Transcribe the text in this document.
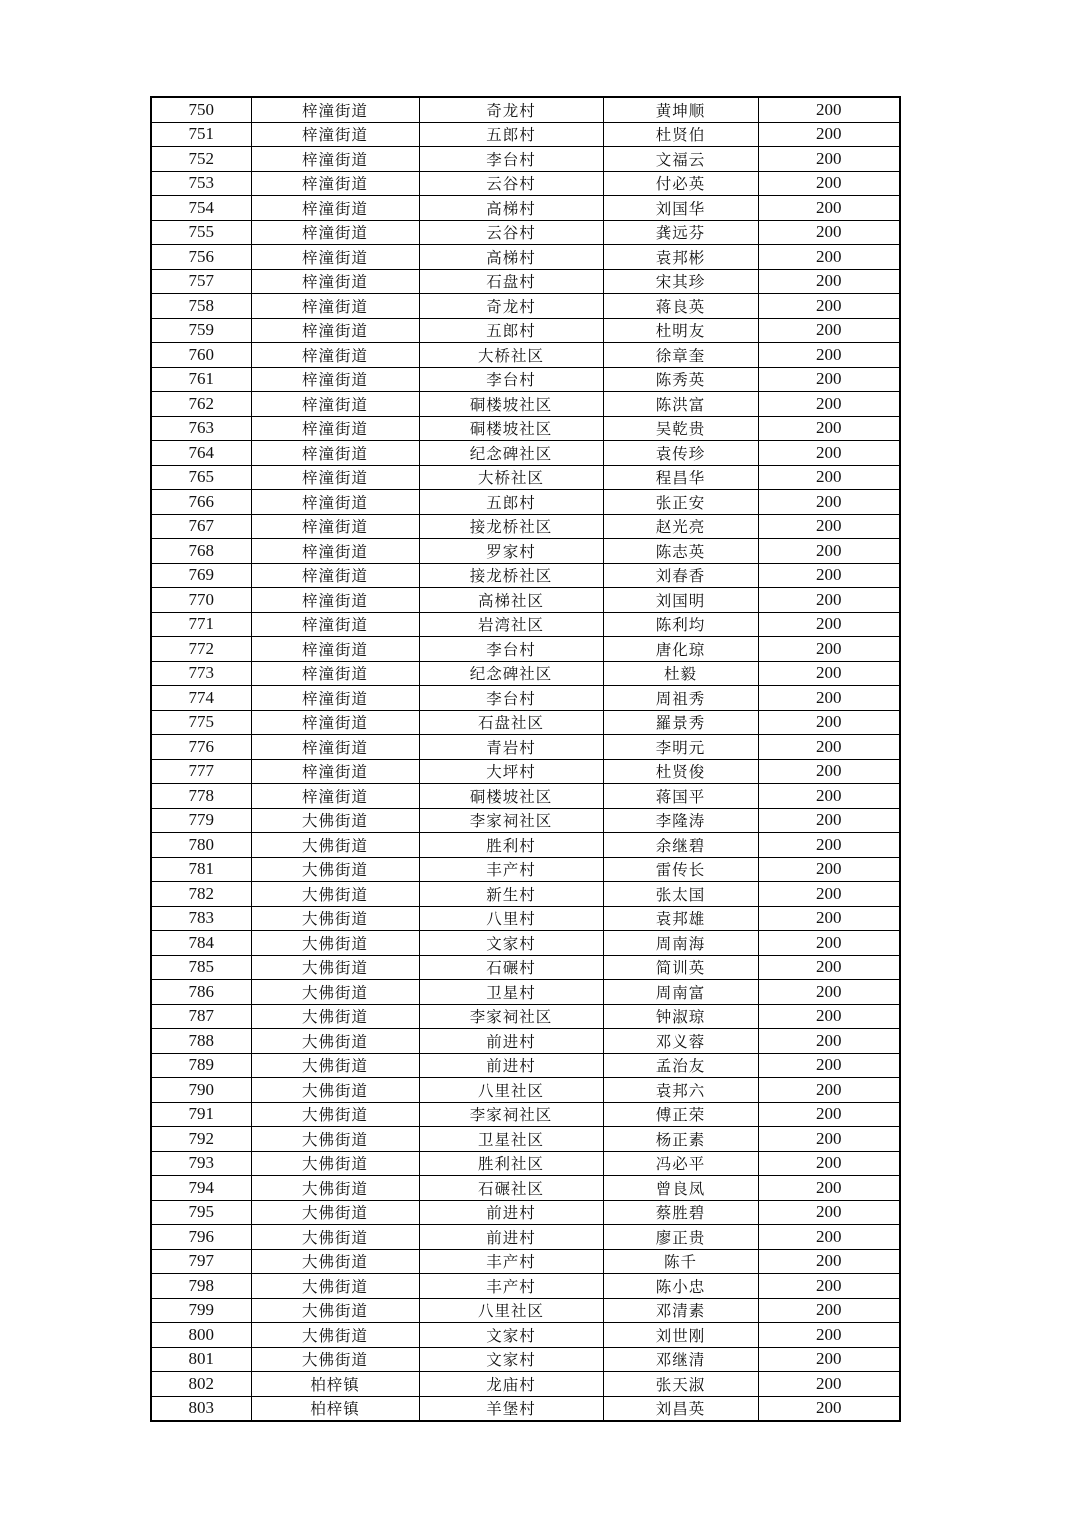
750	梓潼街道	奇龙村	黄坤顺	200
751	梓潼街道	五郎村	杜贤伯	200
752	梓潼街道	李台村	文福云	200
753	梓潼街道	云谷村	付必英	200
754	梓潼街道	高梯村	刘国华	200
755	梓潼街道	云谷村	龚远芬	200
756	梓潼街道	高梯村	袁邦彬	200
757	梓潼街道	石盘村	宋其珍	200
758	梓潼街道	奇龙村	蒋良英	200
759	梓潼街道	五郎村	杜明友	200
760	梓潼街道	大桥社区	徐章奎	200
761	梓潼街道	李台村	陈秀英	200
762	梓潼街道	硐楼坡社区	陈洪富	200
763	梓潼街道	硐楼坡社区	吴乾贵	200
764	梓潼街道	纪念碑社区	袁传珍	200
765	梓潼街道	大桥社区	程昌华	200
766	梓潼街道	五郎村	张正安	200
767	梓潼街道	接龙桥社区	赵光亮	200
768	梓潼街道	罗家村	陈志英	200
769	梓潼街道	接龙桥社区	刘春香	200
770	梓潼街道	高梯社区	刘国明	200
771	梓潼街道	岩湾社区	陈利均	200
772	梓潼街道	李台村	唐化琼	200
773	梓潼街道	纪念碑社区	杜毅	200
774	梓潼街道	李台村	周祖秀	200
775	梓潼街道	石盘社区	羅景秀	200
776	梓潼街道	青岩村	李明元	200
777	梓潼街道	大坪村	杜贤俊	200
778	梓潼街道	硐楼坡社区	蒋国平	200
779	大佛街道	李家祠社区	李隆涛	200
780	大佛街道	胜利村	余继碧	200
781	大佛街道	丰产村	雷传长	200
782	大佛街道	新生村	张太国	200
783	大佛街道	八里村	袁邦雄	200
784	大佛街道	文家村	周南海	200
785	大佛街道	石碾村	简训英	200
786	大佛街道	卫星村	周南富	200
787	大佛街道	李家祠社区	钟淑琼	200
788	大佛街道	前进村	邓义蓉	200
789	大佛街道	前进村	孟治友	200
790	大佛街道	八里社区	袁邦六	200
791	大佛街道	李家祠社区	傅正荣	200
792	大佛街道	卫星社区	杨正素	200
793	大佛街道	胜利社区	冯必平	200
794	大佛街道	石碾社区	曾良凤	200
795	大佛街道	前进村	蔡胜碧	200
796	大佛街道	前进村	廖正贵	200
797	大佛街道	丰产村	陈千	200
798	大佛街道	丰产村	陈小忠	200
799	大佛街道	八里社区	邓清素	200
800	大佛街道	文家村	刘世刚	200
801	大佛街道	文家村	邓继清	200
802	柏梓镇	龙庙村	张天淑	200
803	柏梓镇	羊堡村	刘昌英	200
